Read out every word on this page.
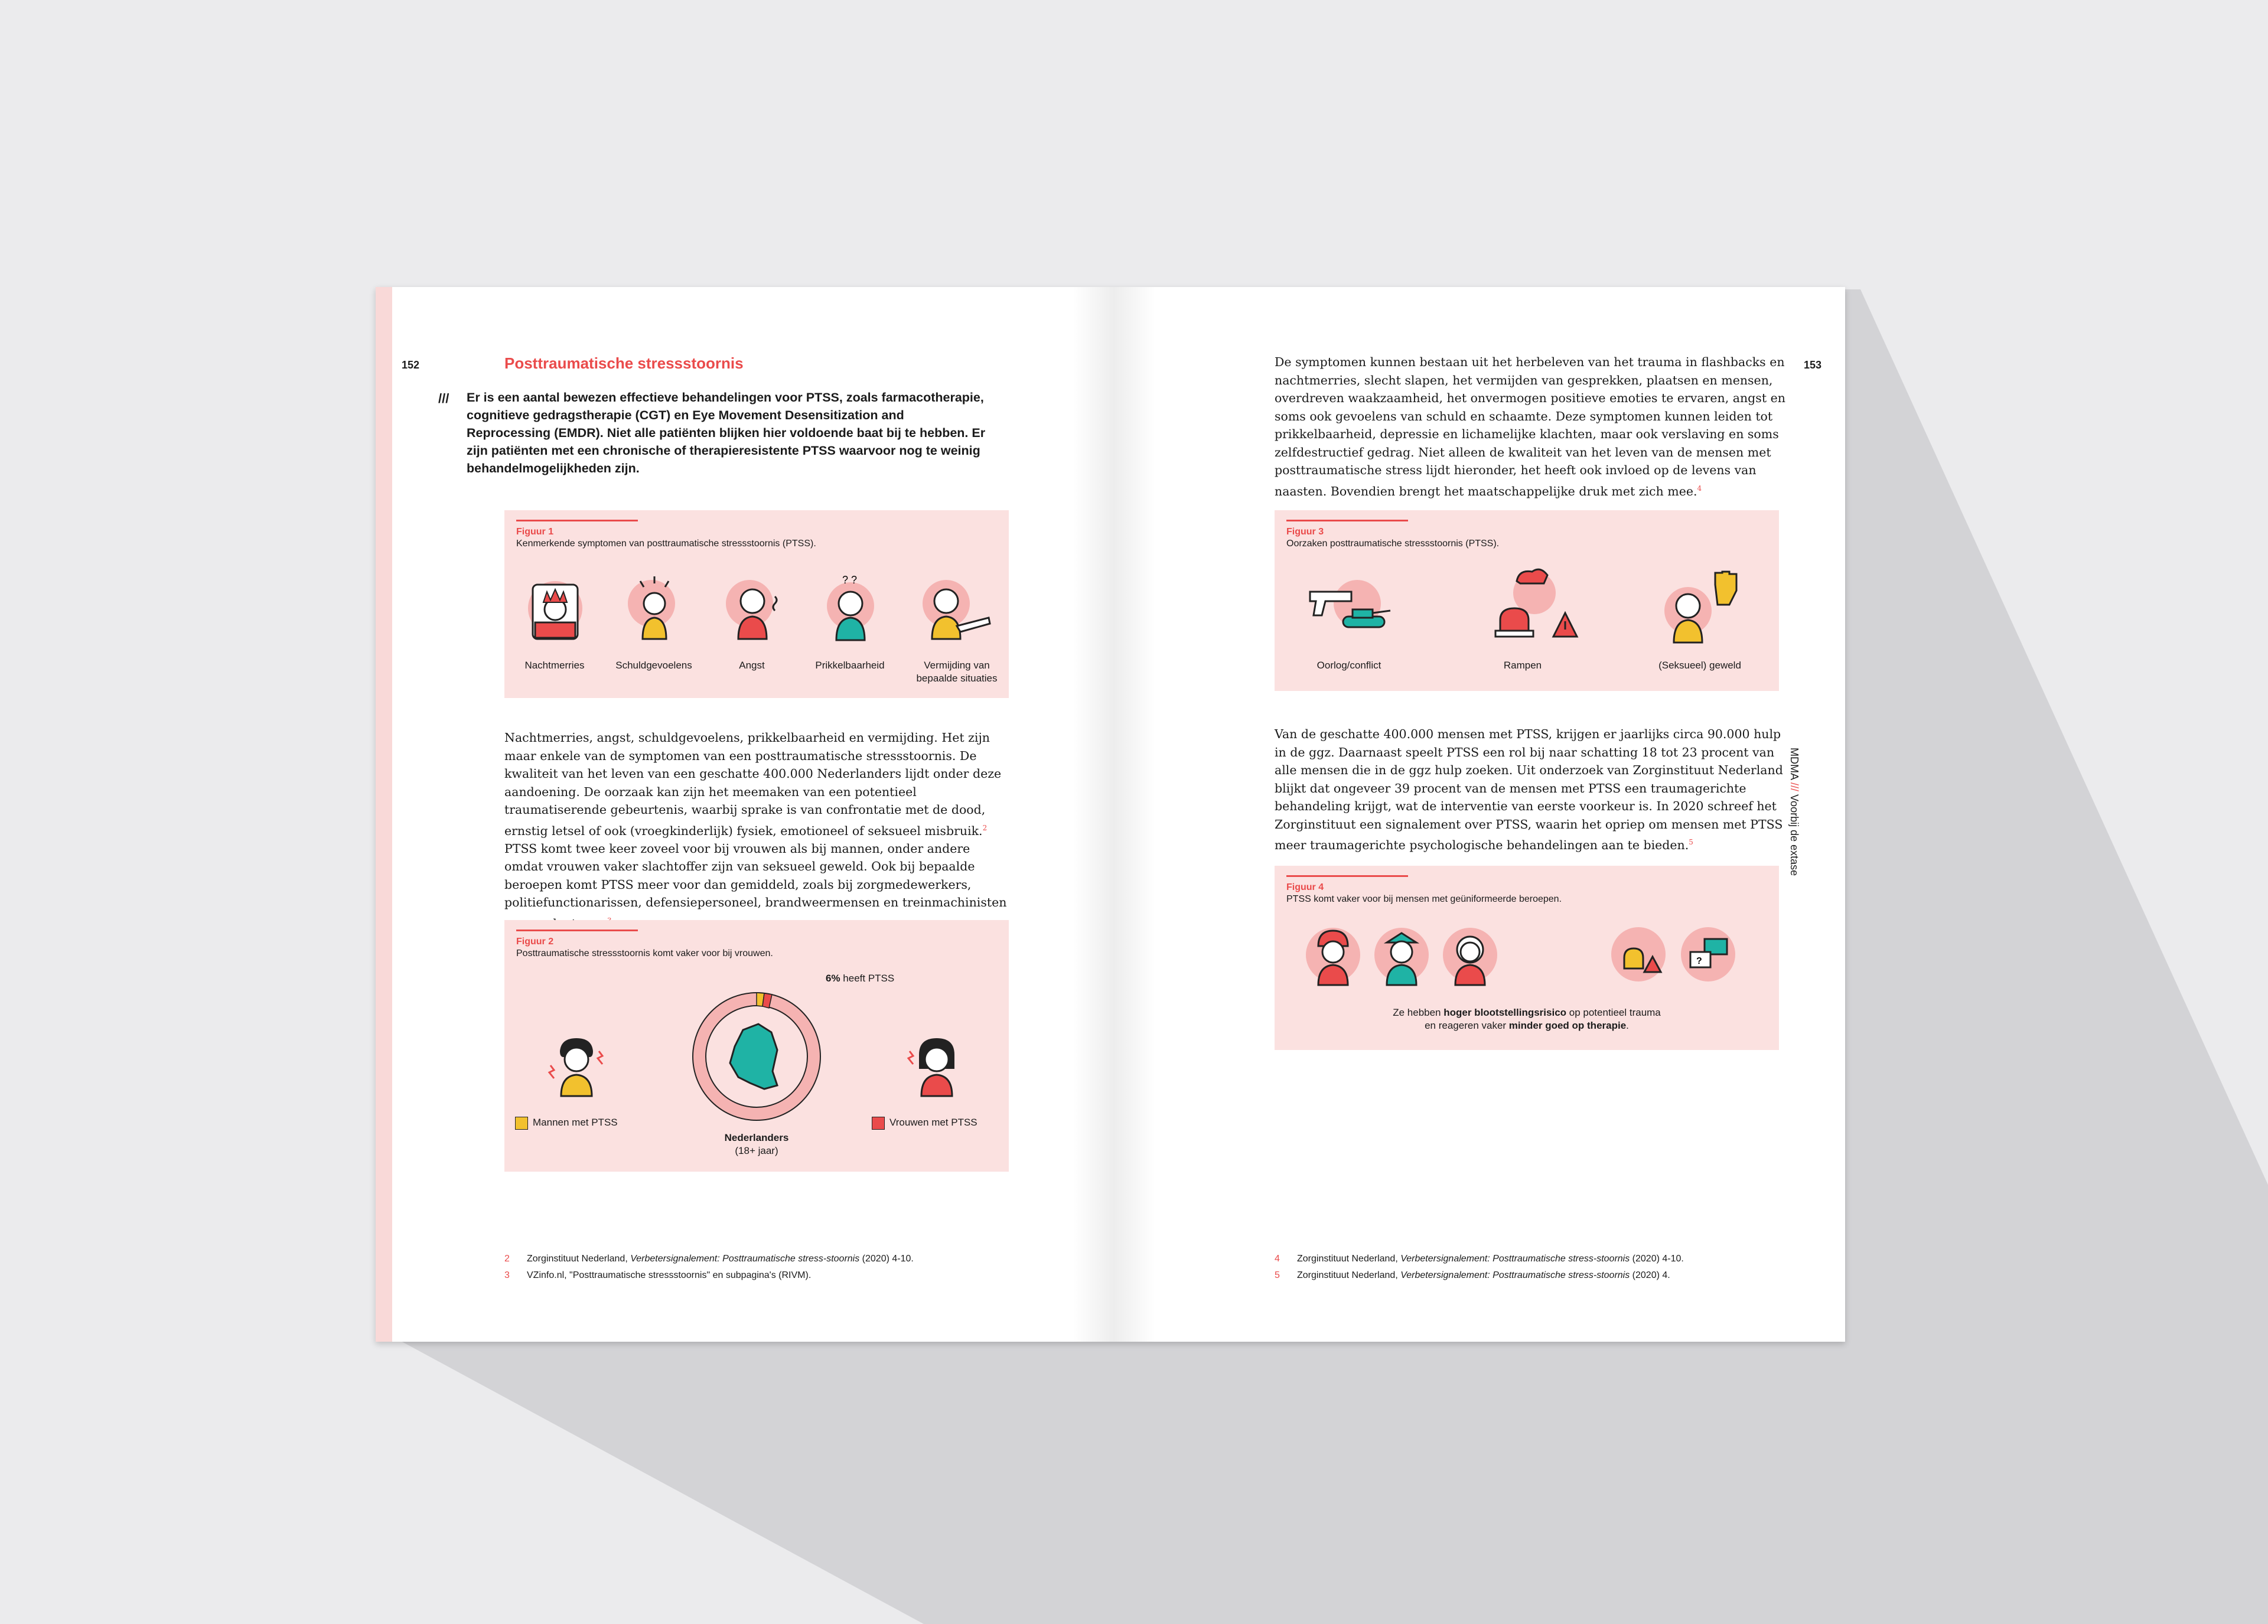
152	Posttraumatische stressstoornis
/// Er is een aantal bewezen effectieve behandelingen voor PTSS, zoals farmacotherapie, cognitieve gedragstherapie (CGT) en Eye Movement Desensitization and Reprocessing (EMDR). Niet alle patiënten blijken hier voldoende baat bij te hebben. Er zijn patiënten met een chronische of therapieresistente PTSS waarvoor nog te weinig behandelmogelijkheden zijn.
Figuur 1
Kenmerkende symptomen van posttraumatische stressstoornis (PTSS).
Nachtmerries	Schuldgevoelens	Angst
? ?
Prikkelbaarheid	Vermijding van bepaalde situaties
Nachtmerries, angst, schuldgevoelens, prikkelbaarheid en vermijding. Het zijn maar enkele van de symptomen van een posttraumatische stressstoornis. De kwaliteit van het leven van een geschatte 400.000 Nederlanders lijdt onder deze aandoening. De oorzaak kan zijn het meemaken van een potentieel traumatiserende gebeurtenis, waarbij sprake is van confrontatie met de dood, ernstig letsel of ook (vroegkinderlijk) fysiek, emotioneel of seksueel misbruik.$^2$ PTSS komt twee keer zoveel voor bij vrouwen als bij mannen, onder andere omdat vrouwen vaker slachtoffer zijn van seksueel geweld. Ook bij bepaalde beroepen komt PTSS meer voor dan gemiddeld, zoals bij zorgmedewerkers, politiefunctionarissen, defensiepersoneel, brandweermensen en treinmachinisten
Figuur 2
Posttraumatische stressstoornis komt vaker voor bij vrouwen.
6% heeft PTSS
Nederlanders
(18+ jaar)
Mannen met PTSS	Vrouwen met PTSS
2 Zorginstituut Nederland, Verbetersignalement: Posttraumatische stress-stoornis (2020) 4-10.
3 VZinfo.nl, "Posttraumatische stressstoornis" en subpagina's (RIVM).
153
De symptomen kunnen bestaan uit het herbeleven van het trauma in flashbacks en nachtmerries, slecht slapen, het vermijden van gesprekken, plaatsen en mensen, overdreven waakzaamheid, het onvermogen positieve emoties te ervaren, angst en soms ook gevoelens van schuld en schaamte. Deze symptomen kunnen leiden tot prikkelbaarheid, depressie en lichamelijke klachten, maar ook verslaving en soms zelfdestructief gedrag. Niet alleen de kwaliteit van het leven van de mensen met posttraumatische stress lijdt hieronder, het heeft ook invloed op de levens van naasten. Bovendien brengt het maatschappelijke druk met zich mee.$^4$
Figuur 3
Oorzaken posttraumatische stressstoornis (PTSS).
Oorlog/conflict	Rampen	(Seksueel) geweld
Van de geschatte 400.000 mensen met PTSS, krijgen er jaarlijks circa 90.000 hulp in de ggz. Daarnaast speelt PTSS een rol bij naar schatting 18 tot 23 procent van alle mensen die in de ggz hulp zoeken. Uit onderzoek van Zorginstituut Nederland blijkt dat ongeveer 39 procent van de mensen met PTSS een traumagerichte behandeling krijgt, wat de interventie van eerste voorkeur is. In 2020 schreef het Zorginstituut een signalement over PTSS, waarin het opriep om mensen met PTSS meer traumagerichte psychologische behandelingen aan te bieden.$^5$
Figuur 4
PTSS komt vaker voor bij mensen met geüniformeerde beroepen.
?
Ze hebben hoger blootstellingsrisico op potentieel trauma
en reageren vaker minder goed op therapie.
MDMA /// Voorbij de extase
4 Zorginstituut Nederland, Verbetersignalement: Posttraumatische stress-stoornis (2020) 4-10.
5 Zorginstituut Nederland, Verbetersignalement: Posttraumatische stress-stoornis (2020) 4.
